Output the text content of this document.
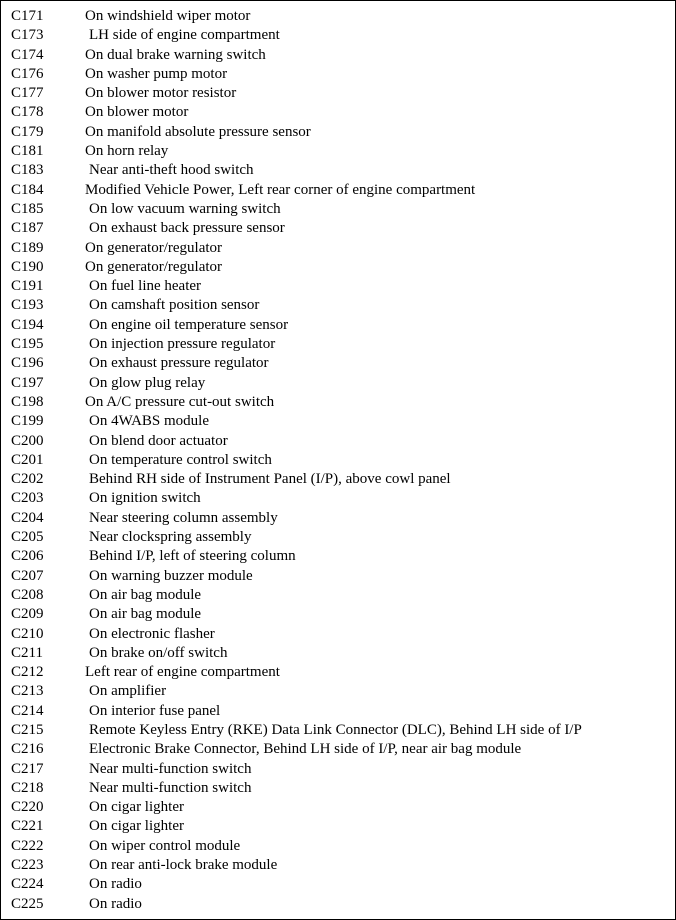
C171	On windshield wiper motor
C173	LH side of engine compartment
C174	On dual brake warning switch
C176	On washer pump motor
C177	On blower motor resistor
C178	On blower motor
C179	On manifold absolute pressure sensor
C181	On horn relay
C183	Near anti-theft hood switch
C184	Modified Vehicle Power, Left rear corner of engine compartment
C185	On low vacuum warning switch
C187	On exhaust back pressure sensor
C189	On generator/regulator
C190	On generator/regulator
C191	On fuel line heater
C193	On camshaft position sensor
C194	On engine oil temperature sensor
C195	On injection pressure regulator
C196	On exhaust pressure regulator
C197	On glow plug relay
C198	On A/C pressure cut-out switch
C199	On 4WABS module
C200	On blend door actuator
C201	On temperature control switch
C202	Behind RH side of Instrument Panel (I/P), above cowl panel
C203	On ignition switch
C204	Near steering column assembly
C205	Near clockspring assembly
C206	Behind I/P, left of steering column
C207	On warning buzzer module
C208	On air bag module
C209	On air bag module
C210	On electronic flasher
C211	On brake on/off switch
C212	Left rear of engine compartment
C213	On amplifier
C214	On interior fuse panel
C215	Remote Keyless Entry (RKE) Data Link Connector (DLC), Behind LH side of I/P
C216	Electronic Brake Connector, Behind LH side of I/P, near air bag module
C217	Near multi-function switch
C218	Near multi-function switch
C220	On cigar lighter
C221	On cigar lighter
C222	On wiper control module
C223	On rear anti-lock brake module
C224	On radio
C225	On radio
